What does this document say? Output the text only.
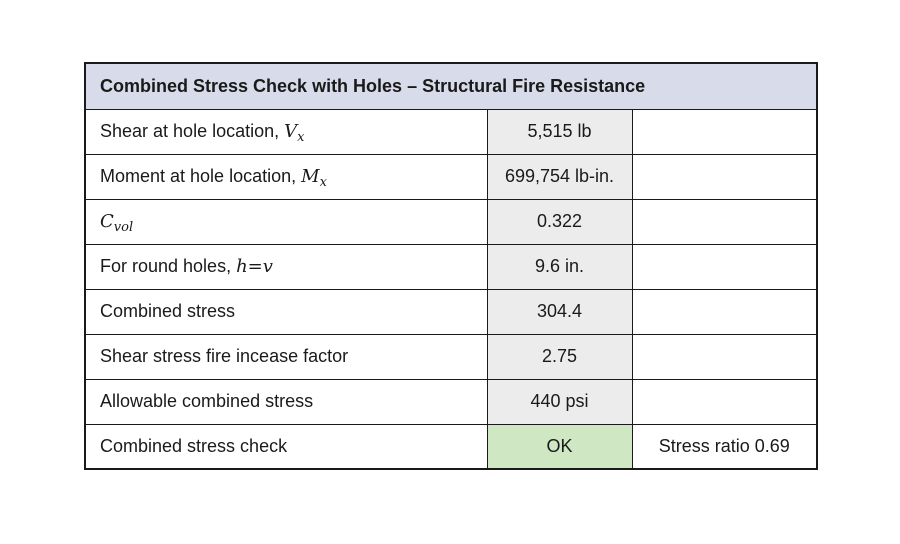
Combined Stress Check with Holes – Structural Fire Resistance		
Shear at hole location, $V_x$	5,515 lb	
Moment at hole location, $M_x$	699,754 lb-in.	
$C_{vol}$	0.322	
For round holes, h=v	9.6 in.	
Combined stress	304.4	
Shear stress fire incease factor	2.75	
Allowable combined stress	440 psi	
Combined stress check	OK	Stress ratio 0.69
